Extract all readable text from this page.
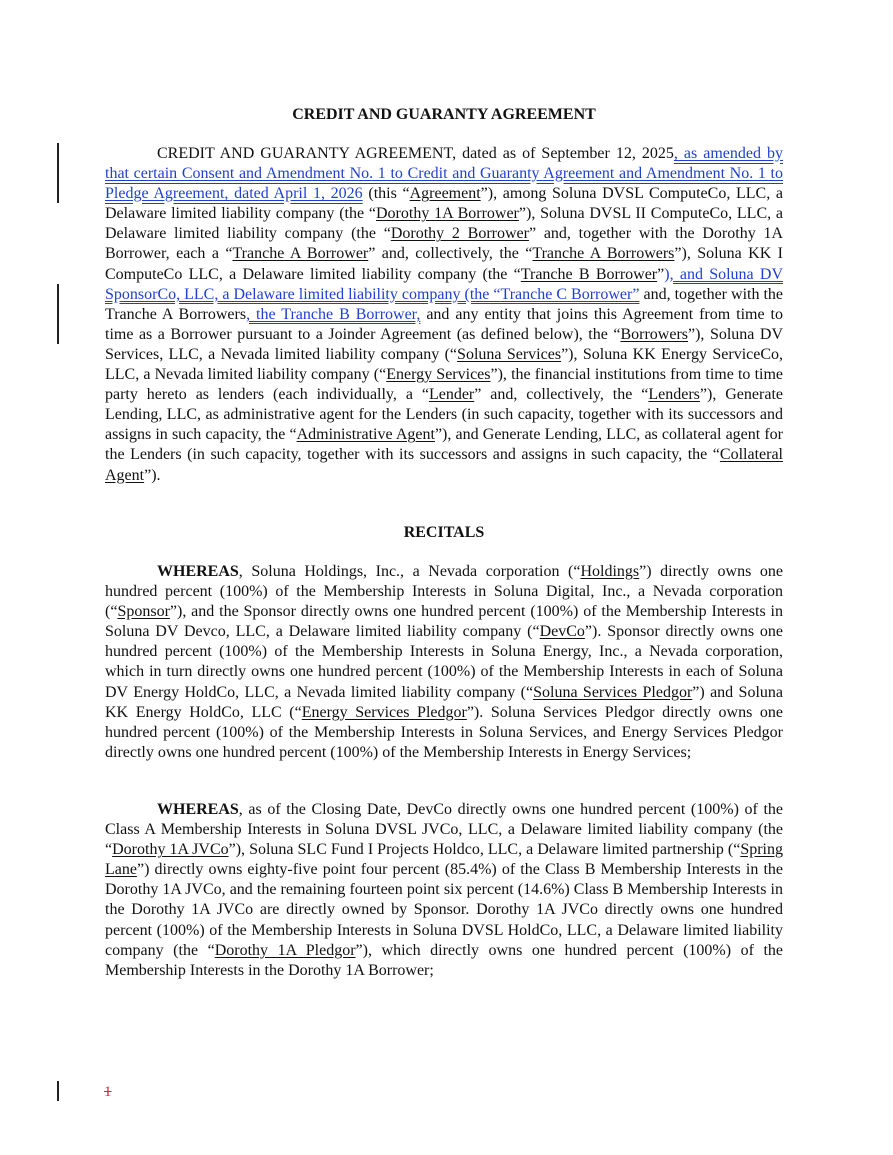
CREDIT AND GUARANTY AGREEMENT

CREDIT AND GUARANTY AGREEMENT, dated as of September 12, 2025, as amended by that certain Consent and Amendment No. 1 to Credit and Guaranty Agreement and Amendment No. 1 to Pledge Agreement, dated April 1, 2026 (this “Agreement”), among Soluna DVSL ComputeCo, LLC, a Delaware limited liability company (the “Dorothy 1A Borrower”), Soluna DVSL II ComputeCo, LLC, a Delaware limited liability company (the “Dorothy 2 Borrower” and, together with the Dorothy 1A Borrower, each a “Tranche A Borrower” and, collectively, the “Tranche A Borrowers”), Soluna KK I ComputeCo LLC, a Delaware limited liability company (the “Tranche B Borrower”), and Soluna DV SponsorCo, LLC, a Delaware limited liability company (the “Tranche C Borrower” and, together with the Tranche A Borrowers, the Tranche B Borrower, and any entity that joins this Agreement from time to time as a Borrower pursuant to a Joinder Agreement (as defined below), the “Borrowers”), Soluna DV Services, LLC, a Nevada limited liability company (“Soluna Services”), Soluna KK Energy ServiceCo, LLC, a Nevada limited liability company (“Energy Services”), the financial institutions from time to time party hereto as lenders (each individually, a “Lender” and, collectively, the “Lenders”), Generate Lending, LLC, as administrative agent for the Lenders (in such capacity, together with its successors and assigns in such capacity, the “Administrative Agent”), and Generate Lending, LLC, as collateral agent for the Lenders (in such capacity, together with its successors and assigns in such capacity, the “Collateral Agent”).

RECITALS

WHEREAS, Soluna Holdings, Inc., a Nevada corporation (“Holdings”) directly owns one hundred percent (100%) of the Membership Interests in Soluna Digital, Inc., a Nevada corporation (“Sponsor”), and the Sponsor directly owns one hundred percent (100%) of the Membership Interests in Soluna DV Devco, LLC, a Delaware limited liability company (“DevCo”). Sponsor directly owns one hundred percent (100%) of the Membership Interests in Soluna Energy, Inc., a Nevada corporation, which in turn directly owns one hundred percent (100%) of the Membership Interests in each of Soluna DV Energy HoldCo, LLC, a Nevada limited liability company (“Soluna Services Pledgor”) and Soluna KK Energy HoldCo, LLC (“Energy Services Pledgor”). Soluna Services Pledgor directly owns one hundred percent (100%) of the Membership Interests in Soluna Services, and Energy Services Pledgor directly owns one hundred percent (100%) of the Membership Interests in Energy Services;

WHEREAS, as of the Closing Date, DevCo directly owns one hundred percent (100%) of the Class A Membership Interests in Soluna DVSL JVCo, LLC, a Delaware limited liability company (the “Dorothy 1A JVCo”), Soluna SLC Fund I Projects Holdco, LLC, a Delaware limited partnership (“Spring Lane”) directly owns eighty-five point four percent (85.4%) of the Class B Membership Interests in the Dorothy 1A JVCo, and the remaining fourteen point six percent (14.6%) Class B Membership Interests in the Dorothy 1A JVCo are directly owned by Sponsor. Dorothy 1A JVCo directly owns one hundred percent (100%) of the Membership Interests in Soluna DVSL HoldCo, LLC, a Delaware limited liability company (the “Dorothy 1A Pledgor”), which directly owns one hundred percent (100%) of the Membership Interests in the Dorothy 1A Borrower;

1
